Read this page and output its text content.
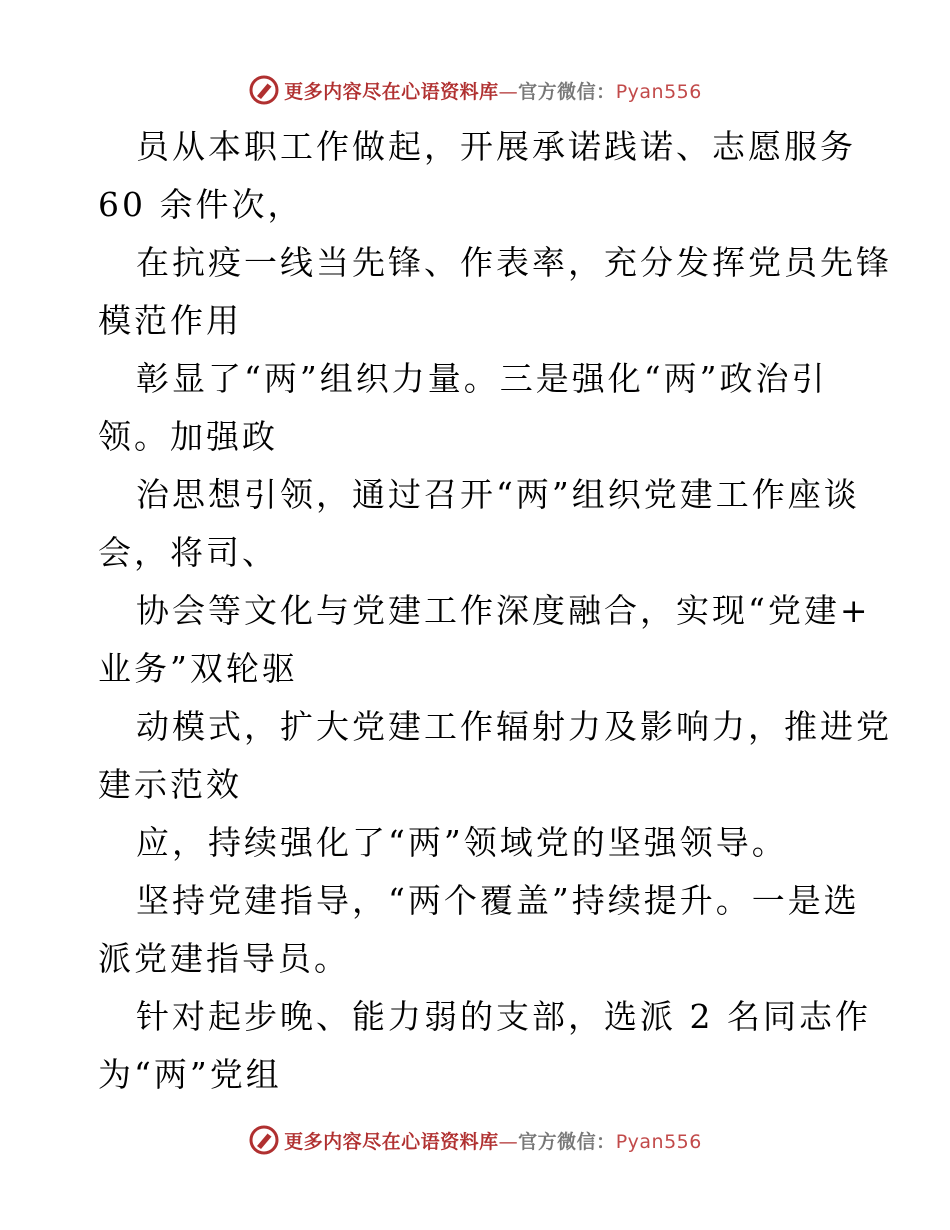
更多内容尽在心语资料库—官方微信：Pyan556
员从本职工作做起，开展承诺践诺、志愿服务
60 余件次，
在抗疫一线当先锋、作表率，充分发挥党员先锋
模范作用
彰显了“两”组织力量。三是强化“两”政治引
领。加强政
治思想引领，通过召开“两”组织党建工作座谈
会，将司、
协会等文化与党建工作深度融合，实现“党建+
业务”双轮驱
动模式，扩大党建工作辐射力及影响力，推进党
建示范效
应，持续强化了“两”领域党的坚强领导。
坚持党建指导，“两个覆盖”持续提升。一是选
派党建指导员。
针对起步晚、能力弱的支部，选派 2 名同志作
为“两”党组
更多内容尽在心语资料库—官方微信：Pyan556
